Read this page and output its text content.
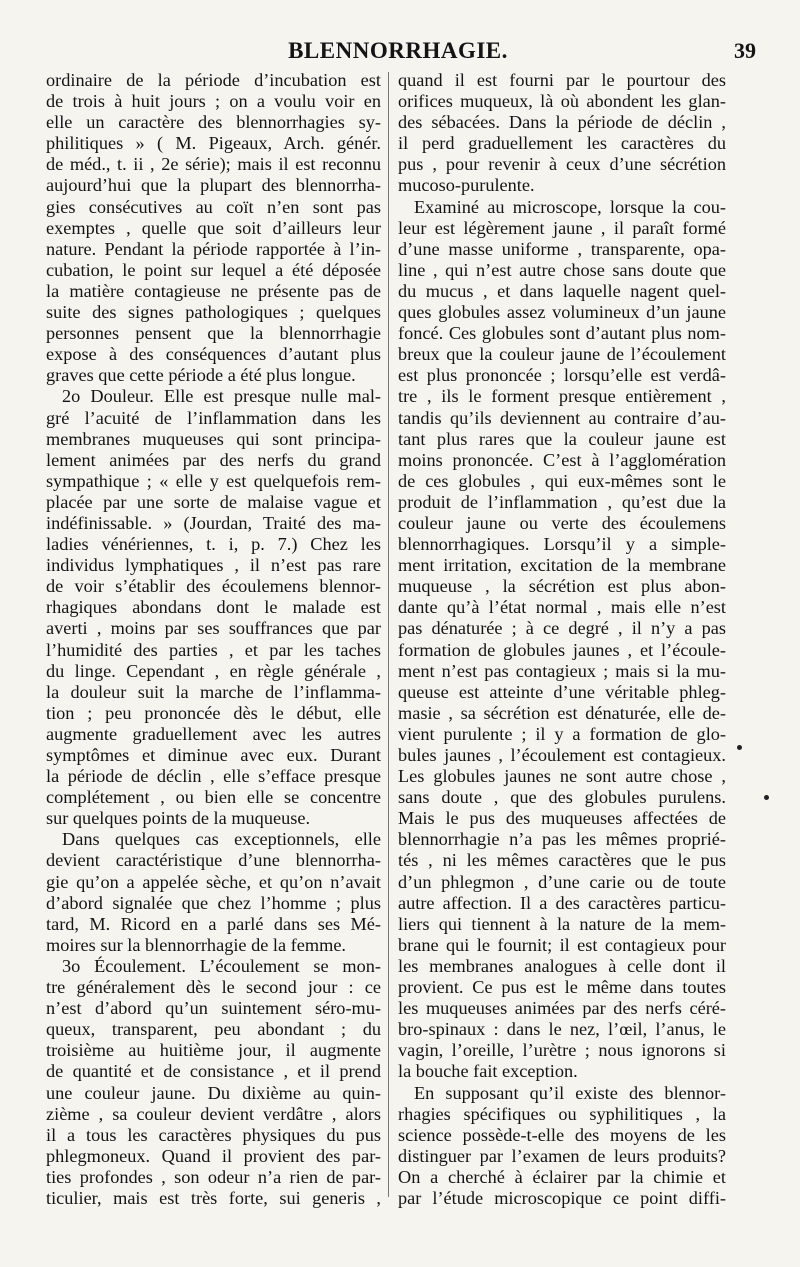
BLENNORRHAGIE.	39
ordinaire de la période d’incubation est
de trois à huit jours ; on a voulu voir en
elle un caractère des blennorrhagies sy-
philitiques » ( M. Pigeaux, Arch. génér.
de méd., t. ii , 2e série); mais il est reconnu
aujourd’hui que la plupart des blennorrha-
gies consécutives au coït n’en sont pas
exemptes , quelle que soit d’ailleurs leur
nature. Pendant la période rapportée à l’in-
cubation, le point sur lequel a été déposée
la matière contagieuse ne présente pas de
suite des signes pathologiques ; quelques
personnes pensent que la blennorrhagie
expose à des conséquences d’autant plus
graves que cette période a été plus longue.
2o Douleur. Elle est presque nulle mal-
gré l’acuité de l’inflammation dans les
membranes muqueuses qui sont principa-
lement animées par des nerfs du grand
sympathique ; « elle y est quelquefois rem-
placée par une sorte de malaise vague et
indéfinissable. » (Jourdan, Traité des ma-
ladies vénériennes, t. i, p. 7.) Chez les
individus lymphatiques , il n’est pas rare
de voir s’établir des écoulemens blennor-
rhagiques abondans dont le malade est
averti , moins par ses souffrances que par
l’humidité des parties , et par les taches
du linge. Cependant , en règle générale ,
la douleur suit la marche de l’inflamma-
tion ; peu prononcée dès le début, elle
augmente graduellement avec les autres
symptômes et diminue avec eux. Durant
la période de déclin , elle s’efface presque
complétement , ou bien elle se concentre
sur quelques points de la muqueuse.
Dans quelques cas exceptionnels, elle
devient caractéristique d’une blennorrha-
gie qu’on a appelée sèche, et qu’on n’avait
d’abord signalée que chez l’homme ; plus
tard, M. Ricord en a parlé dans ses Mé-
moires sur la blennorrhagie de la femme.
3o Écoulement. L’écoulement se mon-
tre généralement dès le second jour : ce
n’est d’abord qu’un suintement séro-mu-
queux, transparent, peu abondant ; du
troisième au huitième jour, il augmente
de quantité et de consistance , et il prend
une couleur jaune. Du dixième au quin-
zième , sa couleur devient verdâtre , alors
il a tous les caractères physiques du pus
phlegmoneux. Quand il provient des par-
ties profondes , son odeur n’a rien de par-
ticulier, mais est très forte, sui generis ,
quand il est fourni par le pourtour des
orifices muqueux, là où abondent les glan-
des sébacées. Dans la période de déclin ,
il perd graduellement les caractères du
pus , pour revenir à ceux d’une sécrétion
mucoso-purulente.
Examiné au microscope, lorsque la cou-
leur est légèrement jaune , il paraît formé
d’une masse uniforme , transparente, opa-
line , qui n’est autre chose sans doute que
du mucus , et dans laquelle nagent quel-
ques globules assez volumineux d’un jaune
foncé. Ces globules sont d’autant plus nom-
breux que la couleur jaune de l’écoulement
est plus prononcée ; lorsqu’elle est verdâ-
tre , ils le forment presque entièrement ,
tandis qu’ils deviennent au contraire d’au-
tant plus rares que la couleur jaune est
moins prononcée. C’est à l’agglomération
de ces globules , qui eux-mêmes sont le
produit de l’inflammation , qu’est due la
couleur jaune ou verte des écoulemens
blennorrhagiques. Lorsqu’il y a simple-
ment irritation, excitation de la membrane
muqueuse , la sécrétion est plus abon-
dante qu’à l’état normal , mais elle n’est
pas dénaturée ; à ce degré , il n’y a pas
formation de globules jaunes , et l’écoule-
ment n’est pas contagieux ; mais si la mu-
queuse est atteinte d’une véritable phleg-
masie , sa sécrétion est dénaturée, elle de-
vient purulente ; il y a formation de glo-
bules jaunes , l’écoulement est contagieux.
Les globules jaunes ne sont autre chose ,
sans doute , que des globules purulens.
Mais le pus des muqueuses affectées de
blennorrhagie n’a pas les mêmes proprié-
tés , ni les mêmes caractères que le pus
d’un phlegmon , d’une carie ou de toute
autre affection. Il a des caractères particu-
liers qui tiennent à la nature de la mem-
brane qui le fournit; il est contagieux pour
les membranes analogues à celle dont il
provient. Ce pus est le même dans toutes
les muqueuses animées par des nerfs céré-
bro-spinaux : dans le nez, l’œil, l’anus, le
vagin, l’oreille, l’urètre ; nous ignorons si
la bouche fait exception.
En supposant qu’il existe des blennor-
rhagies spécifiques ou syphilitiques , la
science possède-t-elle des moyens de les
distinguer par l’examen de leurs produits?
On a cherché à éclairer par la chimie et
par l’étude microscopique ce point diffi-
